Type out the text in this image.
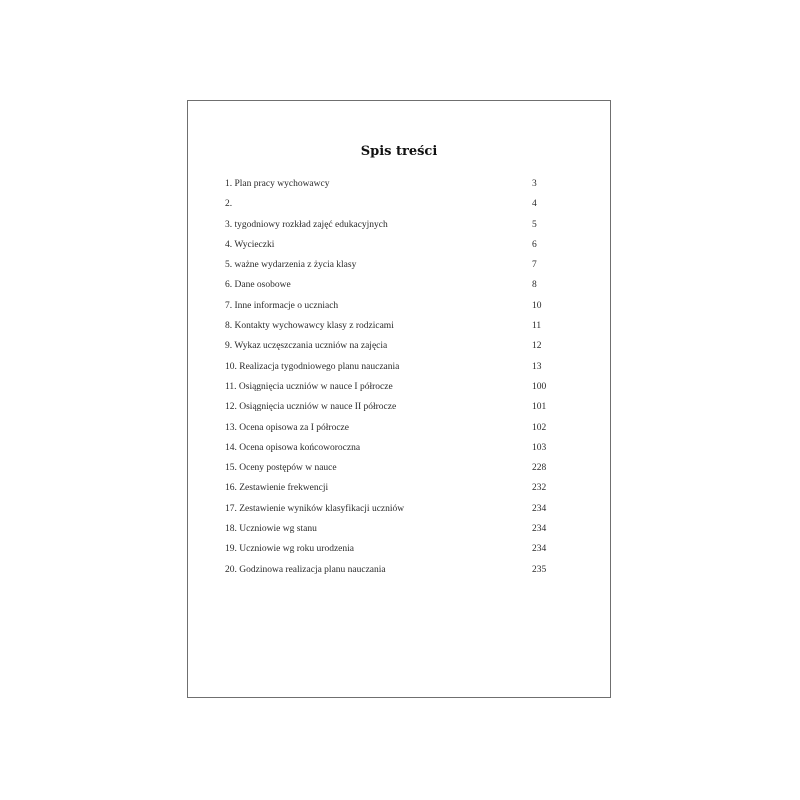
Spis treści
1. Plan pracy wychowawcy	3
2.	4
3. tygodniowy rozkład zajęć edukacyjnych	5
4. Wycieczki	6
5. ważne wydarzenia z życia klasy	7
6. Dane osobowe	8
7. Inne informacje o uczniach	10
8. Kontakty wychowawcy klasy z rodzicami	11
9. Wykaz uczęszczania uczniów na zajęcia	12
10. Realizacja tygodniowego planu nauczania	13
11. Osiągnięcia uczniów w nauce I półrocze	100
12. Osiągnięcia uczniów w nauce II półrocze	101
13. Ocena opisowa za I półrocze	102
14. Ocena opisowa końcoworoczna	103
15. Oceny postępów w nauce	228
16. Zestawienie frekwencji	232
17. Zestawienie wyników klasyfikacji uczniów	234
18. Uczniowie wg stanu	234
19. Uczniowie wg roku urodzenia	234
20. Godzinowa realizacja planu nauczania	235
